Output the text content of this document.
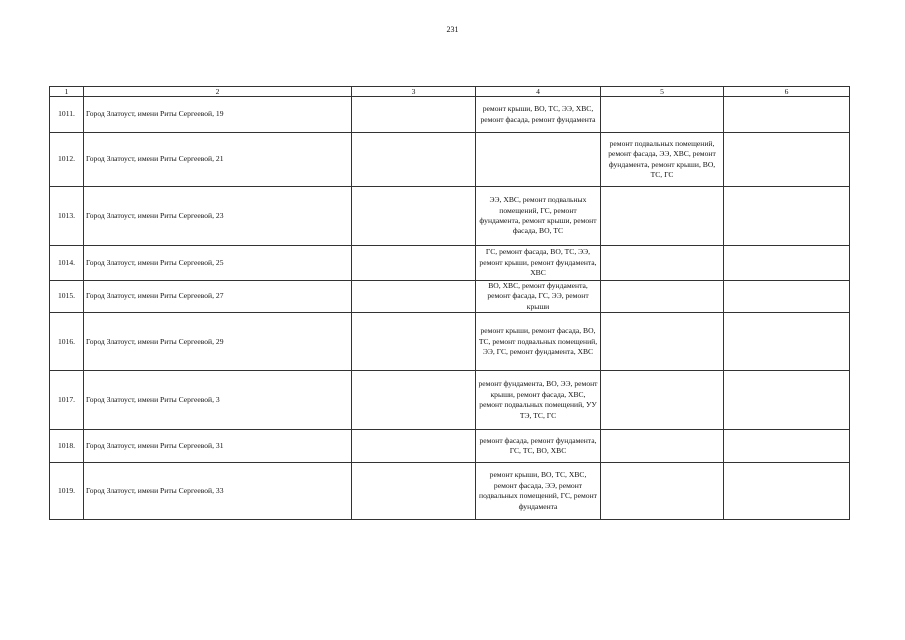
231
1	2	3	4	5	6
1011.	Город Златоуст, имени Риты Сергеевой, 19		ремонт крыши, ВО, ТС, ЭЭ, ХВС, ремонт фасада, ремонт фундамента		
1012.	Город Златоуст, имени Риты Сергеевой, 21			ремонт подвальных помещений, ремонт фасада, ЭЭ, ХВС, ремонт фундамента, ремонт крыши, ВО, ТС, ГС	
1013.	Город Златоуст, имени Риты Сергеевой, 23		ЭЭ, ХВС, ремонт подвальных помещений, ГС, ремонт фундамента, ремонт крыши, ремонт фасада, ВО, ТС		
1014.	Город Златоуст, имени Риты Сергеевой, 25		ГС, ремонт фасада, ВО, ТС, ЭЭ, ремонт крыши, ремонт фундамента, ХВС		
1015.	Город Златоуст, имени Риты Сергеевой, 27		ВО, ХВС, ремонт фундамента, ремонт фасада, ГС, ЭЭ, ремонт крыши		
1016.	Город Златоуст, имени Риты Сергеевой, 29		ремонт крыши, ремонт фасада, ВО, ТС, ремонт подвальных помещений, ЭЭ, ГС, ремонт фундамента, ХВС		
1017.	Город Златоуст, имени Риты Сергеевой, 3		ремонт фундамента, ВО, ЭЭ, ремонт крыши, ремонт фасада, ХВС, ремонт подвальных помещений, УУ ТЭ, ТС, ГС		
1018.	Город Златоуст, имени Риты Сергеевой, 31		ремонт фасада, ремонт фундамента, ГС, ТС, ВО, ХВС		
1019.	Город Златоуст, имени Риты Сергеевой, 33		ремонт крыши, ВО, ТС, ХВС, ремонт фасада, ЭЭ, ремонт подвальных помещений, ГС, ремонт фундамента		
